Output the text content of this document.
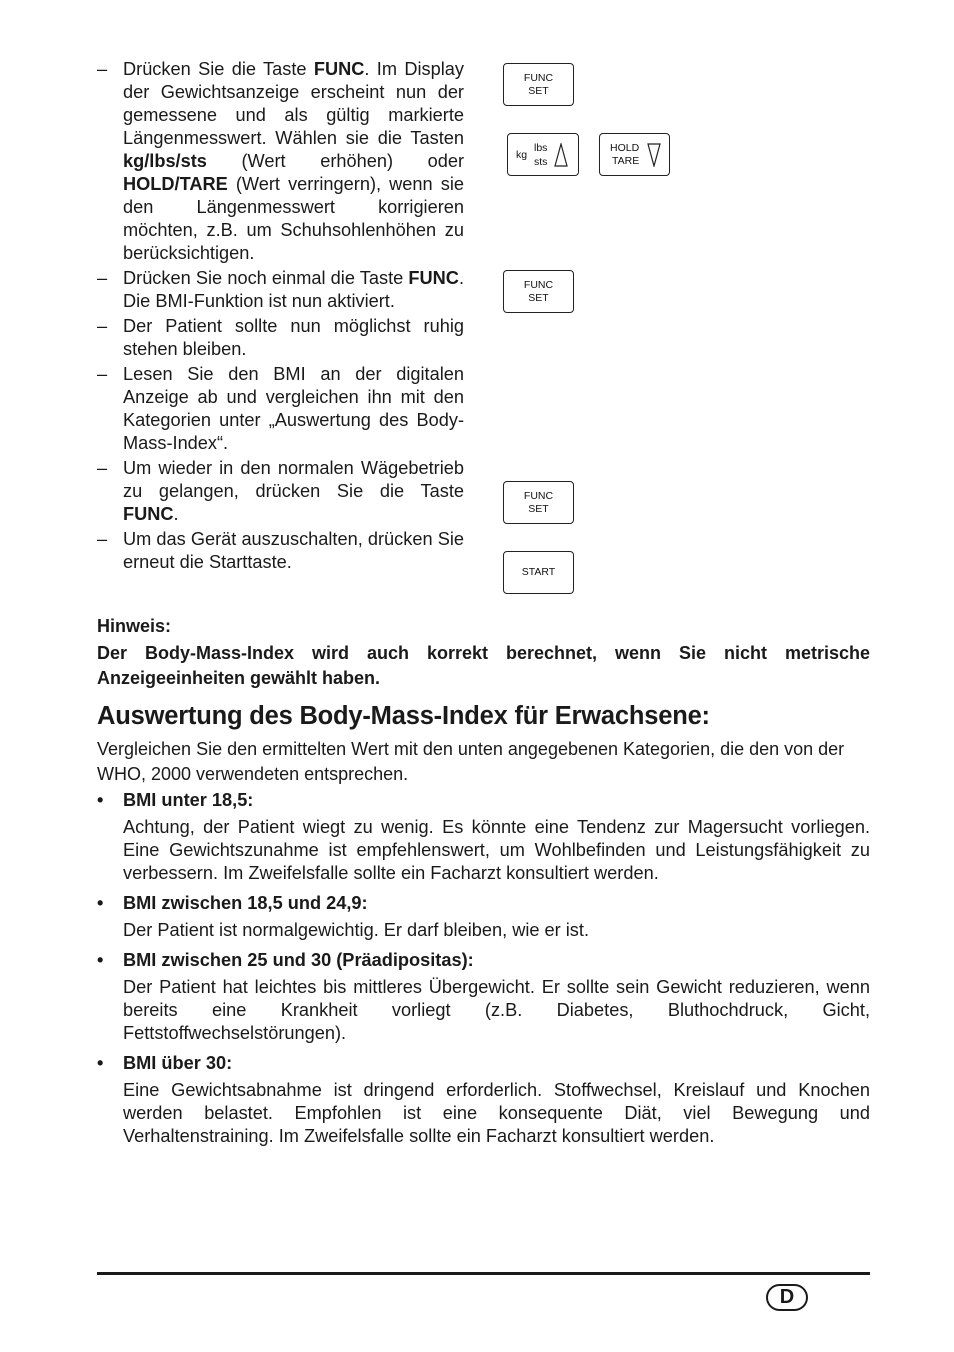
– Drücken Sie die Taste FUNC. Im Display der Gewichtsanzeige erscheint nun der gemessene und als gültig markierte Längenmesswert. Wählen sie die Tasten kg/lbs/sts (Wert erhöhen) oder HOLD/TARE (Wert verringern), wenn sie den Längenmesswert korrigieren möchten, z.B. um Schuhsohlenhöhen zu berücksichtigen.

– Drücken Sie noch einmal die Taste FUNC. Die BMI-Funktion ist nun aktiviert.

– Der Patient sollte nun möglichst ruhig stehen bleiben.

– Lesen Sie den BMI an der digitalen Anzeige ab und vergleichen ihn mit den Kategorien unter „Auswertung des Body-Mass-Index“.

– Um wieder in den normalen Wägebetrieb zu gelangen, drücken Sie die Taste FUNC.

– Um das Gerät auszuschalten, drücken Sie erneut die Starttaste.

FUNC
SET
kg
lbs
sts
HOLD
TARE
FUNC
SET
FUNC
SET
START
Hinweis:
Der Body-Mass-Index wird auch korrekt berechnet, wenn Sie nicht metrische Anzeigeeinheiten gewählt haben.
Auswertung des Body-Mass-Index für Erwachsene:
Vergleichen Sie den ermittelten Wert mit den unten angegebenen Kategorien, die den von der WHO, 2000 verwendeten entsprechen.

• BMI unter 18,5:

Achtung, der Patient wiegt zu wenig. Es könnte eine Tendenz zur Magersucht vorliegen. Eine Gewichtszunahme ist empfehlenswert, um Wohlbefinden und Leistungsfähigkeit zu verbessern. Im Zweifelsfalle sollte ein Facharzt konsultiert werden.

• BMI zwischen 18,5 und 24,9:

Der Patient ist normalgewichtig. Er darf bleiben, wie er ist.

• BMI zwischen 25 und 30 (Präadipositas):

Der Patient hat leichtes bis mittleres Übergewicht. Er sollte sein Gewicht reduzieren, wenn bereits eine Krankheit vorliegt (z.B. Diabetes, Bluthochdruck, Gicht, Fettstoffwechselstörungen).

• BMI über 30:

Eine Gewichtsabnahme ist dringend erforderlich. Stoffwechsel, Kreislauf und Knochen werden belastet. Empfohlen ist eine konsequente Diät, viel Bewegung und Verhaltenstraining. Im Zweifelsfalle sollte ein Facharzt konsultiert werden.

D
